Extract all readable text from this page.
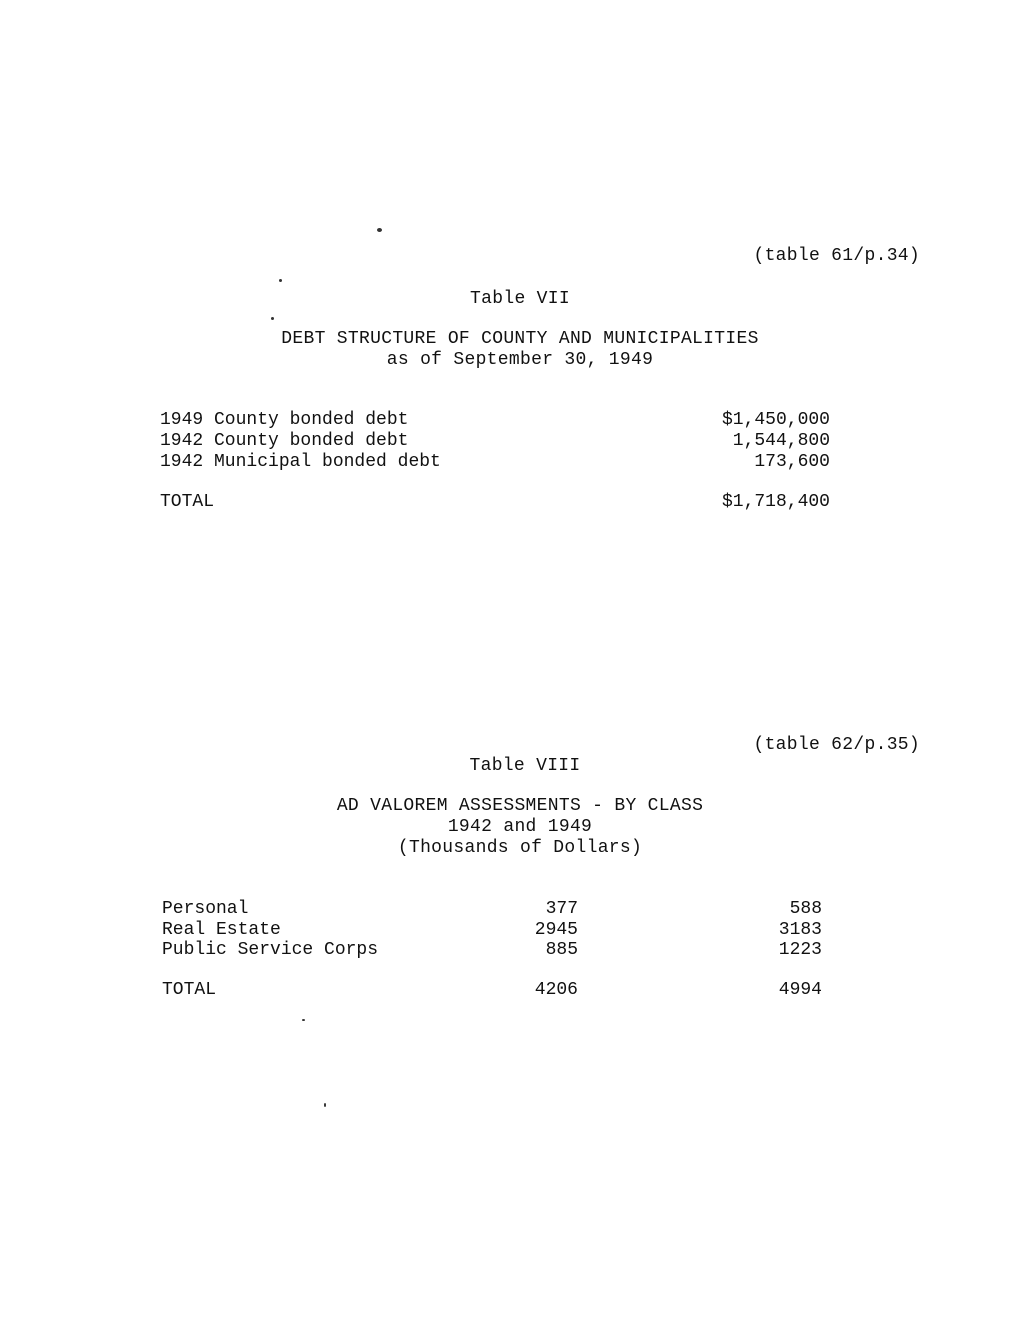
(table 61/p.34)
Table VII
DEBT STRUCTURE OF COUNTY AND MUNICIPALITIES
as of September 30, 1949
1949 County bonded debt	$1,450,000
1942 County bonded debt	1,544,800
1942 Municipal bonded debt	173,600
TOTAL	$1,718,400
(table 62/p.35)
Table VIII
AD VALOREM ASSESSMENTS - BY CLASS
1942 and 1949
(Thousands of Dollars)
Personal	377	588
Real Estate	2945	3183
Public Service Corps	885	1223
TOTAL	4206	4994
